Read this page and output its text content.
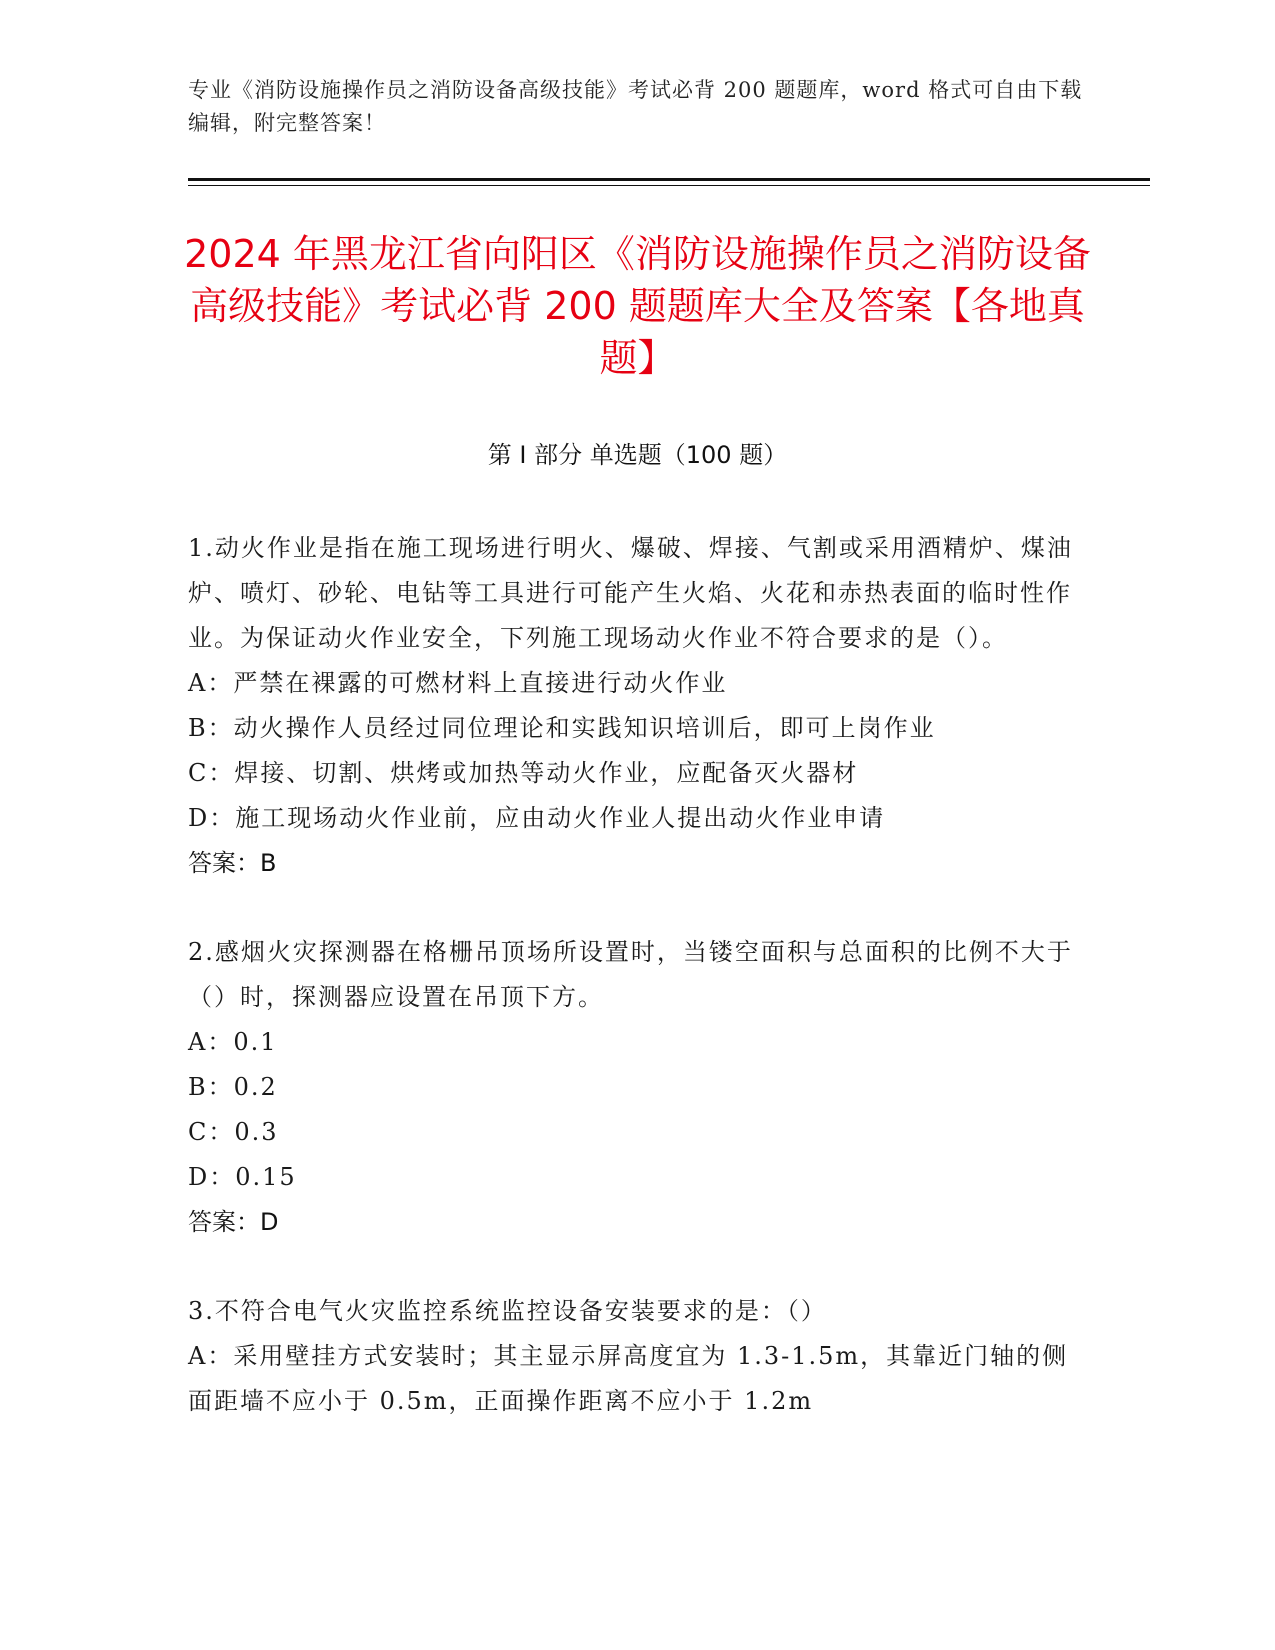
专业《消防设施操作员之消防设备高级技能》考试必背 200 题题库，word 格式可自由下载编辑，附完整答案！
2024 年黑龙江省向阳区《消防设施操作员之消防设备高级技能》考试必背 200 题题库大全及答案【各地真题】
第 I 部分 单选题（100 题）

1.动火作业是指在施工现场进行明火、爆破、焊接、气割或采用酒精炉、煤油炉、喷灯、砂轮、电钻等工具进行可能产生火焰、火花和赤热表面的临时性作业。为保证动火作业安全，下列施工现场动火作业不符合要求的是（）。

A：严禁在裸露的可燃材料上直接进行动火作业

B：动火操作人员经过同位理论和实践知识培训后，即可上岗作业

C：焊接、切割、烘烤或加热等动火作业，应配备灭火器材

D：施工现场动火作业前，应由动火作业人提出动火作业申请

答案：B

2.感烟火灾探测器在格栅吊顶场所设置时，当镂空面积与总面积的比例不大于（）时，探测器应设置在吊顶下方。

A：0.1

B：0.2

C：0.3

D：0.15

答案：D

3.不符合电气火灾监控系统监控设备安装要求的是：（）

A：采用壁挂方式安装时；其主显示屏高度宜为 1.3-1.5m，其靠近门轴的侧面距墙不应小于 0.5m，正面操作距离不应小于 1.2m
